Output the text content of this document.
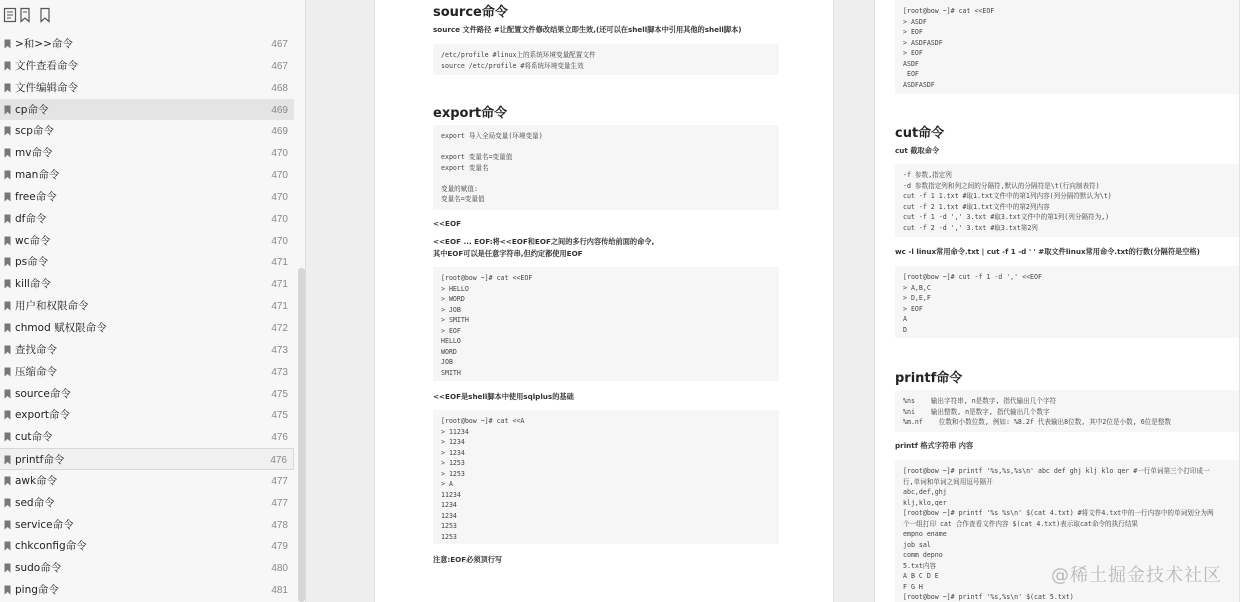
>和>>命令	467
文件查看命令	467
文件编辑命令	468
cp命令	469
scp命令	469
mv命令	470
man命令	470
free命令	470
df命令	470
wc命令	470
ps命令	471
kill命令	471
用户和权限命令	471
chmod 赋权限命令	472
查找命令	473
压缩命令	473
source命令	475
export命令	475
cut命令	476
printf命令	476
awk命令	477
sed命令	477
service命令	478
chkconfig命令	479
sudo命令	480
ping命令	481
source命令
source 文件路径 #让配置文件修改结果立即生效,(还可以在shell脚本中引用其他的shell脚本)
/etc/profile #linux上的系统环境变量配置文件
source /etc/profile #将系统环境变量生效
export命令
export 导入全局变量(环境变量)
export 变量名=变量值
export 变量名
变量的赋值:
变量名=变量值
<<EOF
<<EOF ... EOF:将<<EOF和EOF之间的多行内容传给前面的命令,
其中EOF可以是任意字符串,但约定都使用EOF
[root@bow ~]# cat <<EOF
> HELLO
> WORD
> JOB
> SMITH
> EOF
HELLO
WORD
JOB
SMITH
<<EOF是shell脚本中使用sqlplus的基础
[root@bow ~]# cat <<A
> 11234
> 1234
> 1234
> 1253
> 1253
> A
11234
1234
1234
1253
1253
注意:EOF必须顶行写
[root@bow ~]# cat <<EOF
> ASDF
> EOF
> ASDFASDF
> EOF
ASDF
EOF
ASDFASDF
cut命令
cut 截取命令
-f 参数,指定列
-d 参数指定列和列之间的分隔符,默认的分隔符是\t(行向制表符)
cut -f 1 1.txt #取1.txt文件中的第1列内容(列分隔符默认为\t)
cut -f 2 1.txt #取1.txt文件中的第2列内容
cut -f 1 -d ',' 3.txt #取3.txt文件中的第1列(列分隔符为,)
cut -f 2 -d ',' 3.txt #取3.txt第2列
wc -l linux常用命令.txt | cut -f 1 -d ' ' #取文件linux常用命令.txt的行数(分隔符是空格)
[root@bow ~]# cut -f 1 -d ',' <<EOF
> A,B,C
> D,E,F
> EOF
A
D
printf命令
%ns    输出字符串, n是数字, 指代输出几个字符
%ni    输出整数, n是数字, 指代输出几个数字
%m.nf    位数和小数位数, 例如: %8.2f 代表输出8位数, 其中2位是小数, 6位是整数
printf 格式字符串 内容
[root@bow ~]# printf '%s,%s,%s\n' abc def ghj klj klo qer #一行单词第三个打印成一
行,单词和单词之间用逗号隔开
abc,def,ghj
klj,klo,qer
[root@bow ~]# printf '%s %s\n' $(cat 4.txt) #将文件4.txt中的一行内容中的单词划分为两
个一组打印 cat 合作查看文件内容 $(cat 4.txt)表示取cat命令的执行结果
empno ename
job sal
comm depno
5.txt内容
A B C D E
F G H
[root@bow ~]# printf '%s,%s\n' $(cat 5.txt)
@稀土掘金技术社区
